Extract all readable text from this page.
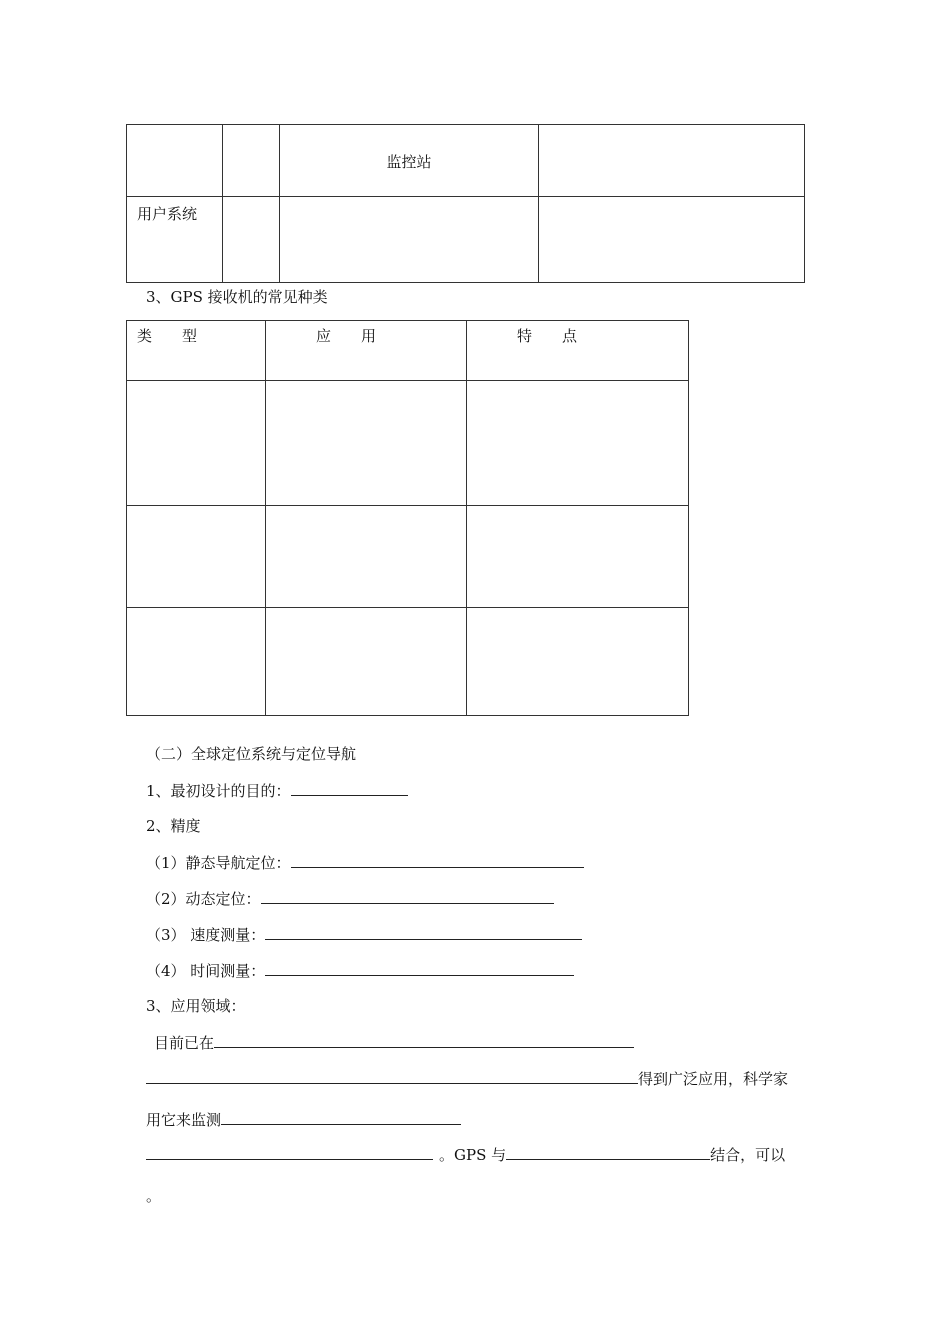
		监控站	

用户系统			

3、GPS 接收机的常见种类
类　　型	应　　用	特　　点

（二）全球定位系统与定位导航
1、最初设计的目的：
2、精度
（1）静态导航定位：
（2）动态定位：
（3） 速度测量：
（4） 时间测量：
3、应用领域：
目前已在
得到广泛应用，科学家
用它来监测
。GPS 与	结合，可以
。
